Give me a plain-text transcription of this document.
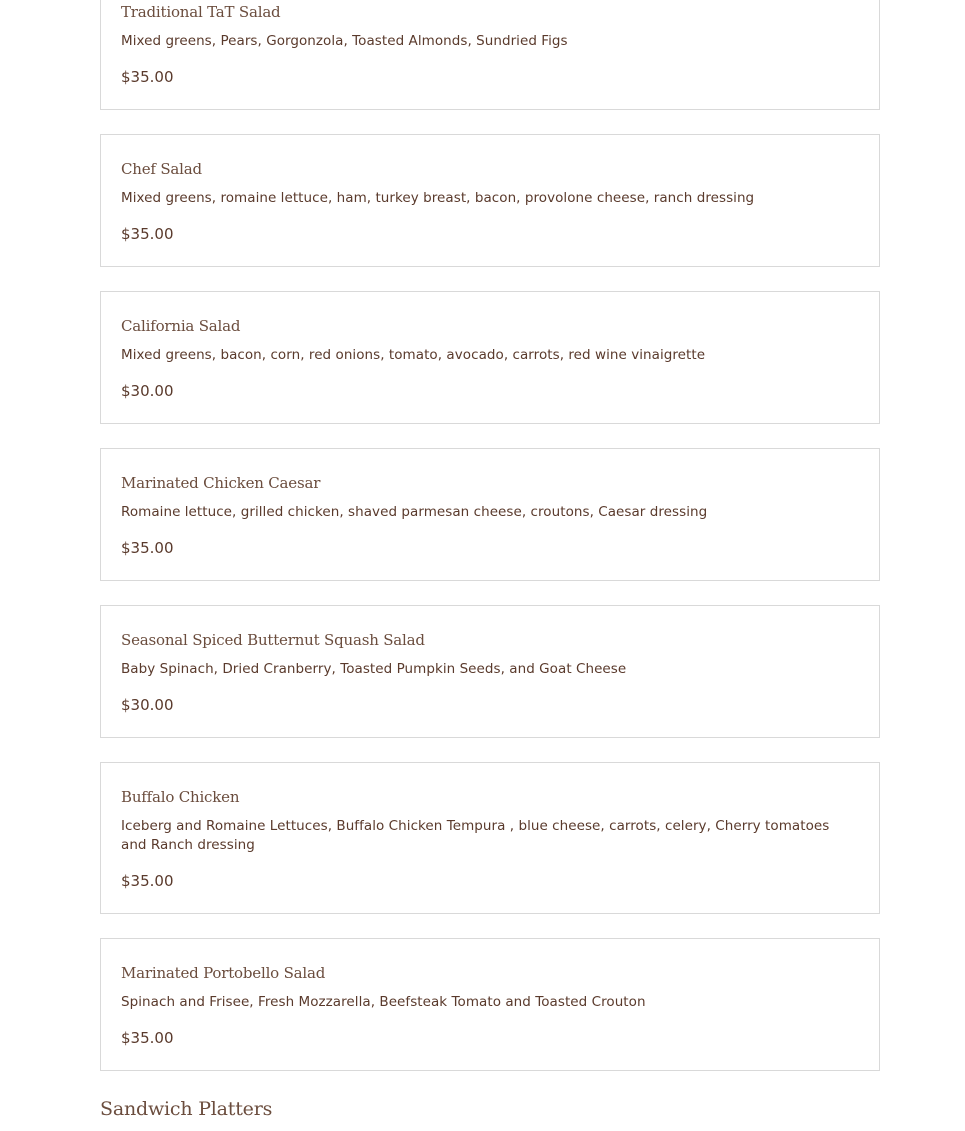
Traditional TaT Salad

Mixed greens, Pears, Gorgonzola, Toasted Almonds, Sundried Figs

$35.00

Chef Salad

Mixed greens, romaine lettuce, ham, turkey breast, bacon, provolone cheese, ranch dressing

$35.00

California Salad

Mixed greens, bacon, corn, red onions, tomato, avocado, carrots, red wine vinaigrette

$30.00

Marinated Chicken Caesar

Romaine lettuce, grilled chicken, shaved parmesan cheese, croutons, Caesar dressing

$35.00

Seasonal Spiced Butternut Squash Salad

Baby Spinach, Dried Cranberry, Toasted Pumpkin Seeds, and Goat Cheese

$30.00

Buffalo Chicken

Iceberg and Romaine Lettuces, Buffalo Chicken Tempura , blue cheese, carrots, celery, Cherry tomatoes and Ranch dressing

$35.00

Marinated Portobello Salad

Spinach and Frisee, Fresh Mozzarella, Beefsteak Tomato and Toasted Crouton

$35.00

Sandwich Platters
